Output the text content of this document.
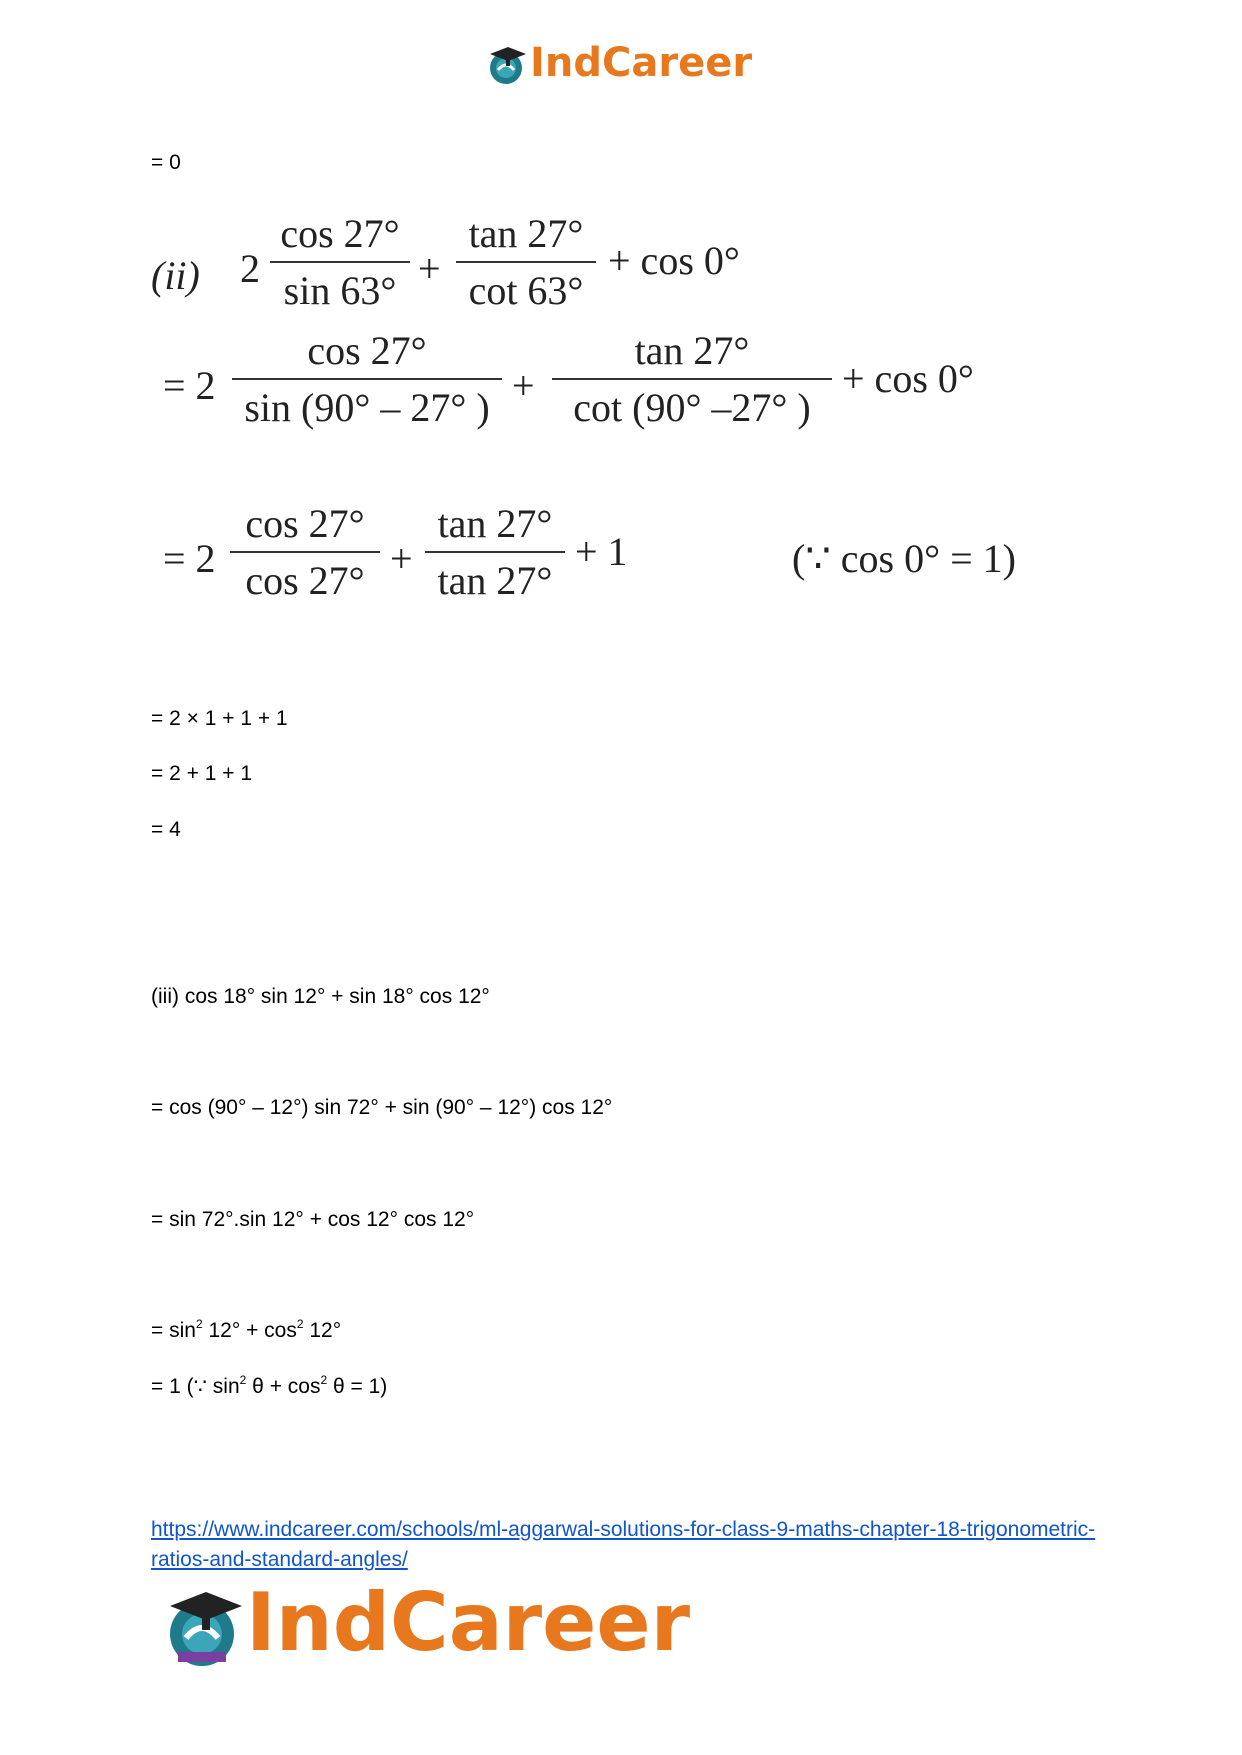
IndCareer
= 0
(ii) 2
cos 27°
sin 63° +
tan 27°
cot 63°
+ cos 0°
= 2
cos 27°
sin (90° – 27° ) +
tan 27°
cot (90° –27° )
+ cos 0°
= 2
cos 27°
cos 27° +
tan 27°
tan 27°
+ 1	(∵ cos 0° = 1)
= 2 × 1 + 1 + 1
= 2 + 1 + 1
= 4
(iii) cos 18° sin 12° + sin 18° cos 12°
= cos (90° – 12°) sin 72° + sin (90° – 12°) cos 12°
= sin 72°.sin 12° + cos 12° cos 12°
= $\sin^2 12^\circ + \cos^2 12^\circ$
= 1 (∵ $\sin^2 \theta + \cos^2 \theta = 1$)
https://www.indcareer.com/schools/ml-aggarwal-solutions-for-class-9-maths-chapter-18-trigonometric-ratios-and-standard-angles/
IndCareer
